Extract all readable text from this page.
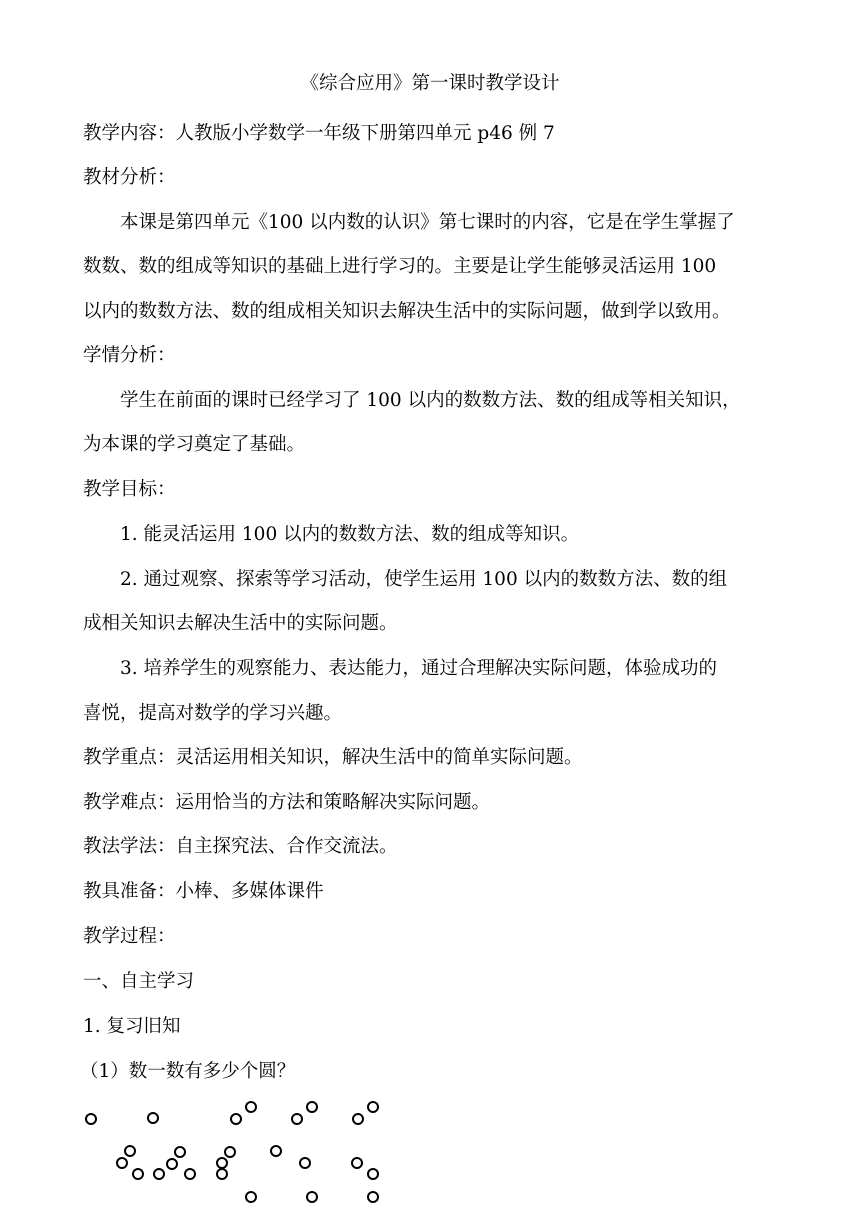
《综合应用》第一课时教学设计
教学内容：人教版小学数学一年级下册第四单元 p46 例 7
教材分析：
本课是第四单元《100 以内数的认识》第七课时的内容，它是在学生掌握了
数数、数的组成等知识的基础上进行学习的。主要是让学生能够灵活运用 100
以内的数数方法、数的组成相关知识去解决生活中的实际问题，做到学以致用。
学情分析：
学生在前面的课时已经学习了 100 以内的数数方法、数的组成等相关知识，
为本课的学习奠定了基础。
教学目标：
1. 能灵活运用 100 以内的数数方法、数的组成等知识。
2. 通过观察、探索等学习活动，使学生运用 100 以内的数数方法、数的组
成相关知识去解决生活中的实际问题。
3. 培养学生的观察能力、表达能力，通过合理解决实际问题，体验成功的
喜悦，提高对数学的学习兴趣。
教学重点：灵活运用相关知识，解决生活中的简单实际问题。
教学难点：运用恰当的方法和策略解决实际问题。
教法学法：自主探究法、合作交流法。
教具准备：小棒、多媒体课件
教学过程：
一、自主学习
1. 复习旧知
（1）数一数有多少个圆？
